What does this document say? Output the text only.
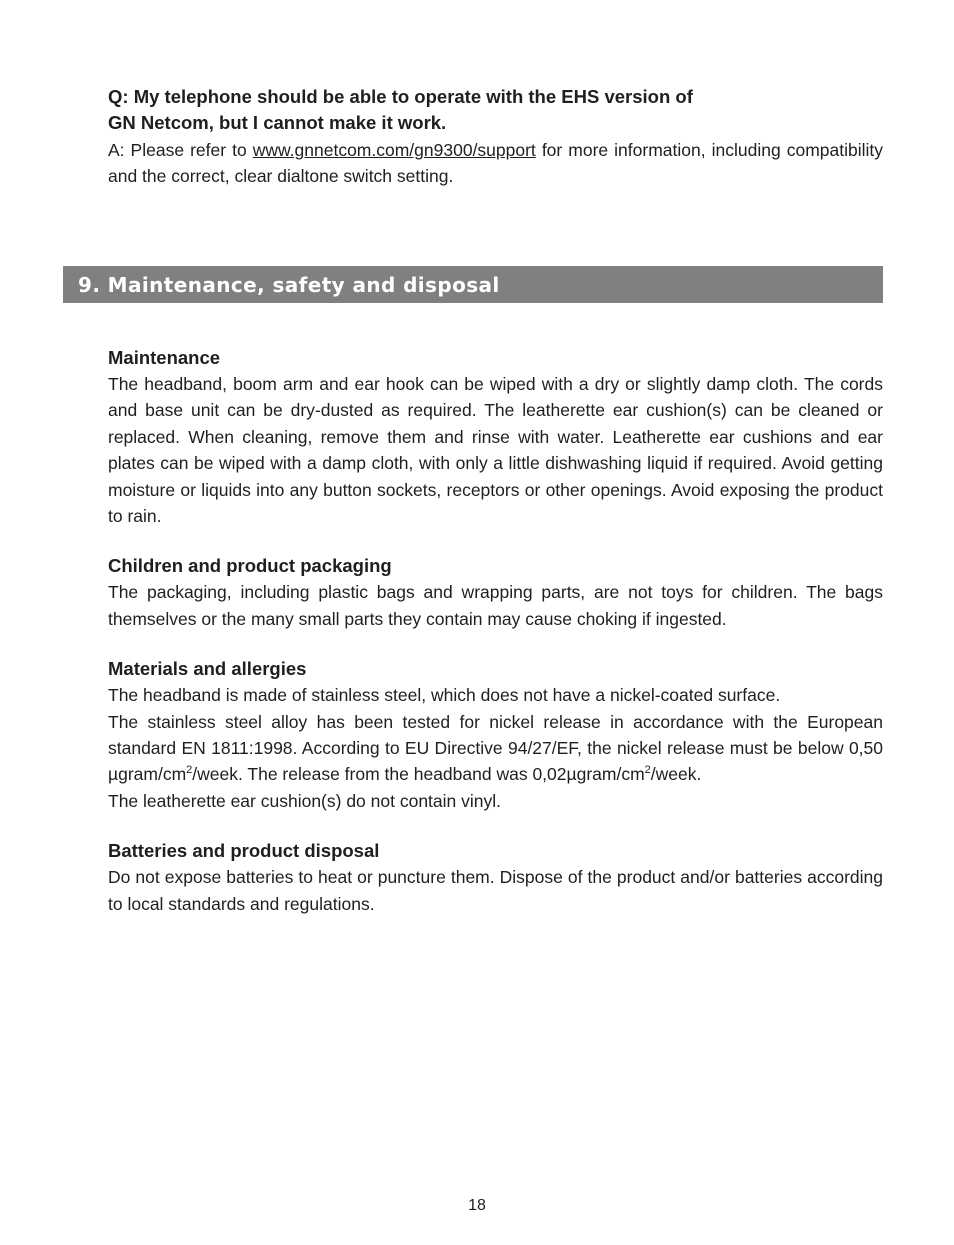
Q: My telephone should be able to operate with the EHS version of
GN Netcom, but I cannot make it work.

A: Please refer to www.gnnetcom.com/gn9300/support for more information, including compatibility and the correct, clear dialtone switch setting.

9. Maintenance, safety and disposal
Maintenance

The headband, boom arm and ear hook can be wiped with a dry or slightly damp cloth. The cords and base unit can be dry-dusted as required. The leatherette ear cushion(s) can be cleaned or replaced. When cleaning, remove them and rinse with water. Leatherette ear cushions and ear plates can be wiped with a damp cloth, with only a little dishwashing liquid if required. Avoid getting moisture or liquids into any button sockets, receptors or other openings. Avoid exposing the product to rain.

Children and product packaging

The packaging, including plastic bags and wrapping parts, are not toys for children. The bags themselves or the many small parts they contain may cause choking if ingested.

Materials and allergies

The headband is made of stainless steel, which does not have a nickel-coated surface.

The stainless steel alloy has been tested for nickel release in accordance with the European standard EN 1811:1998. According to EU Directive 94/27/EF, the nickel release must be below 0,50 µgram/$cm^2$/week. The release from the headband was $0,02\mu gram/cm^2$/week.

The leatherette ear cushion(s) do not contain vinyl.

Batteries and product disposal

Do not expose batteries to heat or puncture them. Dispose of the product and/or batteries according to local standards and regulations.

18
